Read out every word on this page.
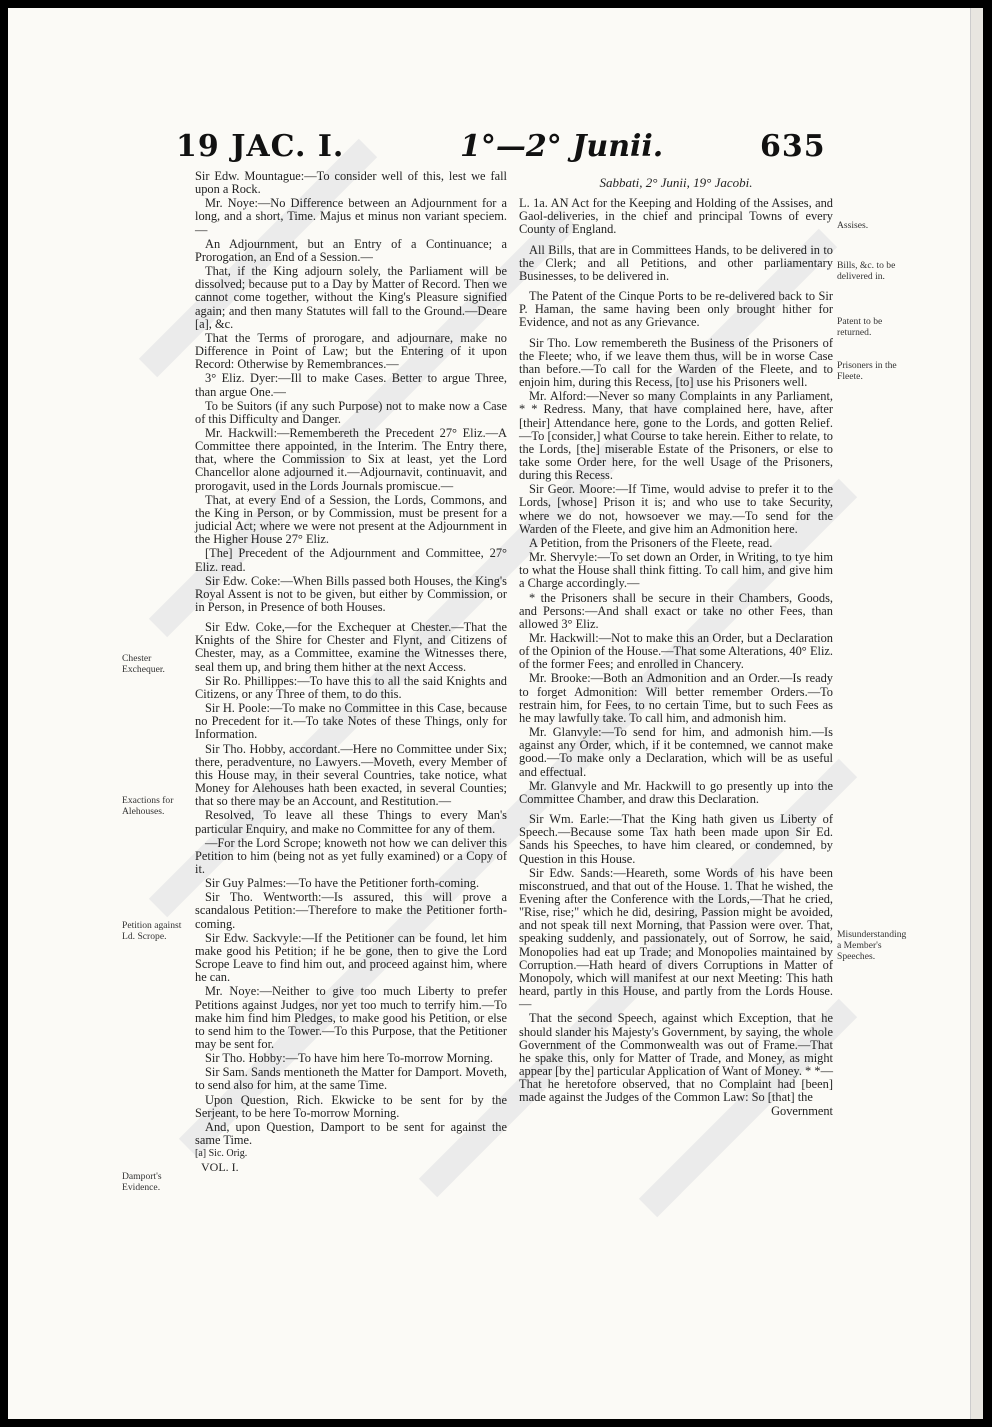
19 JAC. I.	1°—2° Junii.	635

Sir Edw. Mountague:—To consider well of this, lest we fall upon a Rock.

Mr. Noye:—No Difference between an Adjournment for a long, and a short, Time. Majus et minus non variant speciem.—

An Adjournment, but an Entry of a Continuance; a Prorogation, an End of a Session.—

That, if the King adjourn solely, the Parliament will be dissolved; because put to a Day by Matter of Record. Then we cannot come together, without the King's Pleasure signified again; and then many Statutes will fall to the Ground.—Deare [a], &c.

That the Terms of prorogare, and adjournare, make no Difference in Point of Law; but the Entering of it upon Record: Otherwise by Remembrances.—

3° Eliz. Dyer:—Ill to make Cases. Better to argue Three, than argue One.—

To be Suitors (if any such Purpose) not to make now a Case of this Difficulty and Danger.

Mr. Hackwill:—Remembereth the Precedent 27° Eliz.—A Committee there appointed, in the Interim. The Entry there, that, where the Commission to Six at least, yet the Lord Chancellor alone adjourned it.—Adjournavit, continuavit, and prorogavit, used in the Lords Journals promiscue.—

That, at every End of a Session, the Lords, Commons, and the King in Person, or by Commission, must be present for a judicial Act; where we were not present at the Adjournment in the Higher House 27° Eliz.

[The] Precedent of the Adjournment and Committee, 27° Eliz. read.

Sir Edw. Coke:—When Bills passed both Houses, the King's Royal Assent is not to be given, but either by Commission, or in Person, in Presence of both Houses.

Sir Edw. Coke,—for the Exchequer at Chester.—That the Knights of the Shire for Chester and Flynt, and Citizens of Chester, may, as a Committee, examine the Witnesses there, seal them up, and bring them hither at the next Access.

Sir Ro. Phillippes:—To have this to all the said Knights and Citizens, or any Three of them, to do this.

Sir H. Poole:—To make no Committee in this Case, because no Precedent for it.—To take Notes of these Things, only for Information.

Sir Tho. Hobby, accordant.—Here no Committee under Six; there, peradventure, no Lawyers.—Moveth, every Member of this House may, in their several Countries, take notice, what Money for Alehouses hath been exacted, in several Counties; that so there may be an Account, and Restitution.—

Resolved, To leave all these Things to every Man's particular Enquiry, and make no Committee for any of them.

—For the Lord Scrope; knoweth not how we can deliver this Petition to him (being not as yet fully examined) or a Copy of it.

Sir Guy Palmes:—To have the Petitioner forth-coming.

Sir Tho. Wentworth:—Is assured, this will prove a scandalous Petition:—Therefore to make the Petitioner forth-coming.

Sir Edw. Sackvyle:—If the Petitioner can be found, let him make good his Petition; if he be gone, then to give the Lord Scrope Leave to find him out, and proceed against him, where he can.

Mr. Noye:—Neither to give too much Liberty to prefer Petitions against Judges, nor yet too much to terrify him.—To make him find him Pledges, to make good his Petition, or else to send him to the Tower.—To this Purpose, that the Petitioner may be sent for.

Sir Tho. Hobby:—To have him here To-morrow Morning.

Sir Sam. Sands mentioneth the Matter for Damport. Moveth, to send also for him, at the same Time.

Upon Question, Rich. Ekwicke to be sent for by the Serjeant, to be here To-morrow Morning.

And, upon Question, Damport to be sent for against the same Time.

[a] Sic. Orig.

VOL. I.

Chester Exchequer.
Exactions for Alehouses.
Petition against Ld. Scrope.
Damport's Evidence.

Sabbati, 2° Junii, 19° Jacobi.

L. 1a. AN Act for the Keeping and Holding of the Assises, and Gaol-deliveries, in the chief and principal Towns of every County of England.

All Bills, that are in Committees Hands, to be delivered in to the Clerk; and all Petitions, and other parliamentary Businesses, to be delivered in.

The Patent of the Cinque Ports to be re-delivered back to Sir P. Haman, the same having been only brought hither for Evidence, and not as any Grievance.

Sir Tho. Low remembereth the Business of the Prisoners of the Fleete; who, if we leave them thus, will be in worse Case than before.—To call for the Warden of the Fleete, and to enjoin him, during this Recess, [to] use his Prisoners well.

Mr. Alford:—Never so many Complaints in any Parliament, * * Redress. Many, that have complained here, have, after [their] Attendance here, gone to the Lords, and gotten Relief.—To [consider,] what Course to take herein. Either to relate, to the Lords, [the] miserable Estate of the Prisoners, or else to take some Order here, for the well Usage of the Prisoners, during this Recess.

Sir Geor. Moore:—If Time, would advise to prefer it to the Lords, [whose] Prison it is; and who use to take Security, where we do not, howsoever we may.—To send for the Warden of the Fleete, and give him an Admonition here.

A Petition, from the Prisoners of the Fleete, read.

Mr. Shervyle:—To set down an Order, in Writing, to tye him to what the House shall think fitting. To call him, and give him a Charge accordingly.—

* the Prisoners shall be secure in their Chambers, Goods, and Persons:—And shall exact or take no other Fees, than allowed 3° Eliz.

Mr. Hackwill:—Not to make this an Order, but a Declaration of the Opinion of the House.—That some Alterations, 40° Eliz. of the former Fees; and enrolled in Chancery.

Mr. Brooke:—Both an Admonition and an Order.—Is ready to forget Admonition: Will better remember Orders.—To restrain him, for Fees, to no certain Time, but to such Fees as he may lawfully take. To call him, and admonish him.

Mr. Glanvyle:—To send for him, and admonish him.—Is against any Order, which, if it be contemned, we cannot make good.—To make only a Declaration, which will be as useful and effectual.

Mr. Glanvyle and Mr. Hackwill to go presently up into the Committee Chamber, and draw this Declaration.

Sir Wm. Earle:—That the King hath given us Liberty of Speech.—Because some Tax hath been made upon Sir Ed. Sands his Speeches, to have him cleared, or condemned, by Question in this House.

Sir Edw. Sands:—Heareth, some Words of his have been misconstrued, and that out of the House. 1. That he wished, the Evening after the Conference with the Lords,—That he cried, "Rise, rise;" which he did, desiring, Passion might be avoided, and not speak till next Morning, that Passion were over. That, speaking suddenly, and passionately, out of Sorrow, he said, Monopolies had eat up Trade; and Monopolies maintained by Corruption.—Hath heard of divers Corruptions in Matter of Monopoly, which will manifest at our next Meeting: This hath heard, partly in this House, and partly from the Lords House.—

That the second Speech, against which Exception, that he should slander his Majesty's Government, by saying, the whole Government of the Commonwealth was out of Frame.—That he spake this, only for Matter of Trade, and Money, as might appear [by the] particular Application of Want of Money. * *—That he heretofore observed, that no Complaint had [been] made against the Judges of the Common Law: So [that] the

Government

Assises.
Bills, &c. to be delivered in.
Patent to be returned.
Prisoners in the Fleete.
Misunderstanding a Member's Speeches.
